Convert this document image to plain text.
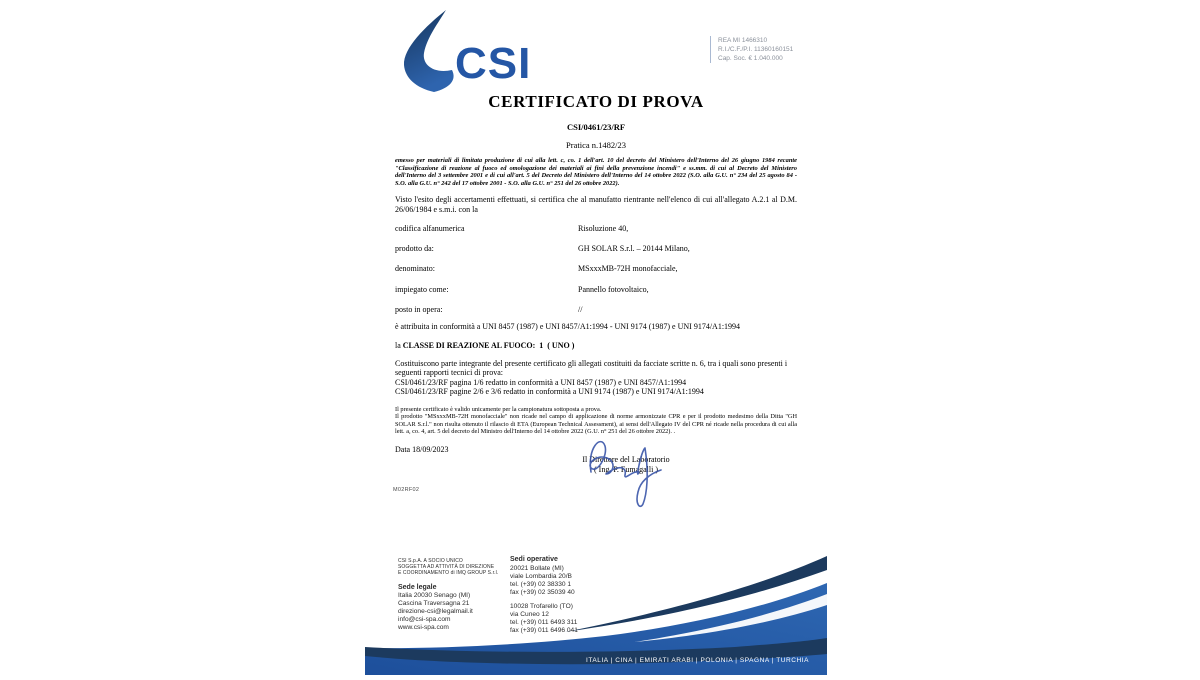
CSI	REA MI 1466310
R.I./C.F./P.I. 11360160151
Cap. Soc. € 1.040.000
CERTIFICATO DI PROVA
CSI/0461/23/RF
Pratica n.1482/23
emesso per materiali di limitata produzione di cui alla lett. c, co. 1 dell'art. 10 del decreto del Ministero dell'Interno del 26 giugno 1984 recante "Classificazione di reazione al fuoco ed omologazione dei materiali ai fini della prevenzione incendi" e ss.mm. di cui al Decreto del Ministero dell'Interno del 3 settembre 2001 e di cui all'art. 5 del Decreto del Ministero dell'Interno del 14 ottobre 2022 (S.O. alla G.U. n° 234 del 25 agosto 84 - S.O. alla G.U. n° 242 del 17 ottobre 2001 - S.O. alla G.U. n° 251 del 26 ottobre 2022).
Visto l'esito degli accertamenti effettuati, si certifica che al manufatto rientrante nell'elenco di cui all'allegato A.2.1 al D.M. 26/06/1984 e s.m.i. con la
codifica alfanumerica	Risoluzione 40,
prodotto da:	GH SOLAR S.r.l. – 20144 Milano,
denominato:	MSxxxMB-72H monofacciale,
impiegato come:	Pannello fotovoltaico,
posto in opera:	//
è attribuita in conformità a UNI 8457 (1987) e UNI 8457/A1:1994 - UNI 9174 (1987) e UNI 9174/A1:1994
la CLASSE DI REAZIONE AL FUOCO:  1  ( UNO )

Costituiscono parte integrante del presente certificato gli allegati costituiti da facciate scritte n. 6, tra i quali sono presenti i seguenti rapporti tecnici di prova:

CSI/0461/23/RF pagina 1/6 redatto in conformità a UNI 8457 (1987) e UNI 8457/A1:1994

CSI/0461/23/RF pagine 2/6 e 3/6 redatto in conformità a UNI 9174 (1987) e UNI 9174/A1:1994

Il presente certificato è valido unicamente per la campionatura sottoposta a prova.

Il prodotto "MSxxxMB-72H monofacciale" non ricade nel campo di applicazione di norme armonizzate CPR e per il prodotto medesimo della Ditta "GH SOLAR S.r.l." non risulta ottenuto il rilascio di ETA (European Technical Assessment), ai sensi dell'Allegato IV del CPR né ricade nella procedura di cui alla lett. a, co. 4, art. 5 del decreto del Ministro dell'Interno del 14 ottobre 2022 (G.U. n° 251 del 26 ottobre 2022). .

Data 18/09/2023
Il Direttore del Laboratorio
( Ing. P. Fumagalli )
M02RF02
CSI S.p.A. A SOCIO UNICO
SOGGETTA AD ATTIVITÀ DI DIREZIONE
E COORDINAMENTO di IMQ GROUP S.r.l.
Sede legale
Italia 20030 Senago (MI)
Cascina Traversagna 21
direzione-csi@legalmail.it
info@csi-spa.com
www.csi-spa.com
Sedi operative
20021 Bollate (MI)
viale Lombardia 20/B
tel. (+39) 02 38330 1
fax (+39) 02 35039 40
10028 Trofarello (TO)
via Cuneo 12
tel. (+39) 011 6493 311
fax (+39) 011 6496 041
ITALIA | CINA | EMIRATI ARABI | POLONIA | SPAGNA | TURCHIA
